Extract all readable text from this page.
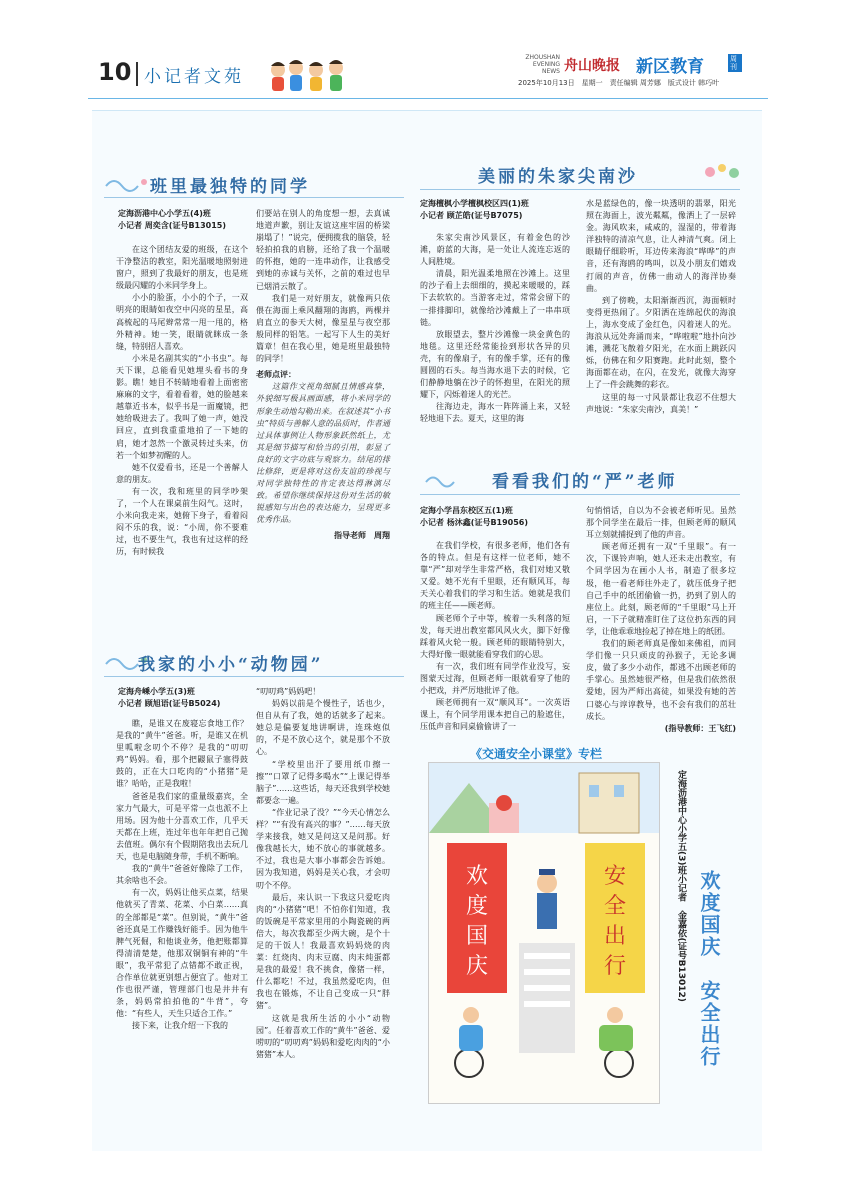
10 小记者文苑
ZHOUSHAN EVENING NEWS 舟山晚报 新区教育	周刊
2025年10月13日　星期一　责任编辑 周芳娜　版式设计 韩巧叶
班里最独特的同学
定海沥港中心小学五(4)班
小记者 周奕含(证号B13015)

在这个团结友爱的班级，在这个干净整洁的教室，阳光温暖地照射进窗户，照到了我最好的朋友，也是班级最闪耀的小米同学身上。

小小的脸蛋，小小的个子，一双明亮的眼睛如夜空中闪亮的星星，高高梳起的马尾辫常常一甩一甩的，格外精神。她一笑，眼睛就眯成一条缝，特别招人喜欢。

小米是名副其实的“小书虫”。每天下课，总能看见她埋头看书的身影。瞧！她目不转睛地看着上面密密麻麻的文字，看着看着，她的脸越来越靠近书本，似乎书是一面魔镜，把她给吸进去了。我叫了她一声，她没回应，直到我重重地拍了一下她的肩，她才忽然一个激灵转过头来，仿若一个如梦初醒的人。

她不仅爱看书，还是一个善解人意的朋友。

有一次，我和班里的同学吵架了，一个人在课桌前生闷气。这时，小米向我走来，她俯下身子，看着闷闷不乐的我，说：“小周，你不要难过，也不要生气，我也有过这样的经历，有时候我

们要站在别人的角度想一想，去真诚地道声歉，别让友谊这座牢固的桥梁崩塌了！”说完，便拥揽我的脑袋，轻轻拍拍我的肩膀，还给了我一个温暖的怀抱，她的一连串动作，让我感受到她的赤诚与关怀，之前的难过也早已烟消云散了。

我们是一对好朋友，就像两只依偎在海面上乘风翻翔的海鸥，两棵并肩直立的参天大树，像星星与夜空那般同样的铝笔。一起写下人生的美好篇章！但在我心里，她是班里最独特的同学！

老师点评：

这篇作文视角细腻且情感真挚，外貌细写极具画面感，将小米同学的形象生动地勾勒出来。在叙述其“小书虫”特质与善解人意的品质时，作者通过具体事例让人物形象跃然纸上，尤其是细节描写和恰当的引用，彰显了良好的文字功底与观察力。结尾的排比修辞，更是将对这份友谊的珍视与对同学独特性的肯定表达得淋漓尽致。希望你继续保持这份对生活的敏锐感知与出色的表达能力，呈现更多优秀作品。

指导老师　周翔
美丽的朱家尖南沙
定海檀枫小学檀枫校区四(1)班
小记者 顾芷皓(证号B7075)

朱家尖南沙风景区，有着金色的沙滩，蔚蓝的大海，是一处让人流连忘返的人间胜境。

清晨，阳光温柔地照在沙滩上。这里的沙子看上去细细的，摸起来暖暖的，踩下去软软的。当游客走过，常常会留下的一排排脚印，就像给沙滩戴上了一串串项链。

放眼望去，整片沙滩像一块金黄色的地毯。这里还经常能捡到形状各异的贝壳，有的像扇子，有的像手掌，还有的像圆圆的石头。每当海水退下去的时候，它们静静地躺在沙子的怀抱里，在阳光的照耀下，闪烁着迷人的光芒。

往海边走，海水一阵阵涌上来，又轻轻地退下去。夏天，这里的海

水是蓝绿色的，像一块透明的翡翠，阳光照在海面上，波光粼粼，像洒上了一层碎金。海风吹来，咸咸的，湿湿的，带着海洋独特的清凉气息，让人神清气爽。闭上眼睛仔细聆听，耳边传来海浪“哗哗”的声音，还有海鸥的鸣叫，以及小朋友们嬉戏打闹的声音，仿佛一曲动人的海洋协奏曲。

到了傍晚，太阳渐渐西沉，海面顿时变得更热闹了。夕阳洒在连绵起伏的海浪上，海水变成了金红色，闪着迷人的光。海浪从远处奔涌而来，“哗啦啦”地扑向沙滩，溅花飞散着夕阳光，在水面上跳跃闪烁，仿佛在和夕阳赛跑。此时此刻，整个海面都在动，在闪，在发光，就像大海穿上了一件会跳舞的彩衣。

这里的每一寸风景都让我忍不住想大声地说：“朱家尖南沙，真美！”

看看我们的“严”老师
定海小学昌东校区五(1)班
小记者 杨沐鑫(证号B19056)

在我们学校，有很多老师，他们各有各的特点。但是有这样一位老师，她不靠“严”却对学生非常严格，我们对她又敬又爱。她不光有千里眼，还有顺风耳，每天关心着我们的学习和生活。她就是我们的班主任——顾老师。

顾老师个子中等，梳着一头利落的短发，每天进出教室都风风火火，脚下好像踩着风火轮一般。顾老师的眼睛特别大，大得好像一眼就能看穿我们的心思。

有一次，我们班有同学作业没写，妄图蒙天过海，但顾老师一眼就看穿了他的小把戏，并严厉地批评了他。

顾老师拥有一双“顺风耳”。一次英语课上，有个同学用课本把自己的脸遮住，压低声音和同桌偷偷讲了一

句悄悄话，自以为不会被老师听见。虽然那个同学坐在最后一排，但顾老师的顺风耳立刻就捕捉到了他的声音。

顾老师还拥有一双“千里眼”。有一次，下课铃声响，她人还未走出教室，有个同学因为在画小人书，制造了很多垃圾，他一看老师往外走了，就压低身子把自己手中的纸团偷偷一扔，扔到了别人的座位上。此刻，顾老师的“千里眼”马上开启，一下子就精准盯住了这位扔东西的同学，让他乖乖地捡起了掉在地上的纸团。

我们的顾老师真是像如来佛祖，而同学们像一只只顽皮的孙猴子，无论多调皮，做了多少小动作，都逃不出顾老师的手掌心。虽然她很严格，但是我们依然很爱她，因为严师出高徒，如果没有她的苦口婆心与谆谆教导，也不会有我们的茁壮成长。

(指导教师：王飞红)
我家的小小“动物园”
定海舟嵊小学五(3)班
小记者 顾旭语(证号B5024)

瞧，是谁又在废寝忘食地工作？是我的“黄牛”爸爸。听，是谁又在机里呱啦念叨个不停？是我的“叨叨鸡”妈妈。看，那个把鼹鼠子塞得鼓鼓的，正在大口吃肉的“小猪猪”是谁？哈哈，正是我啦！

爸爸是我们家的重量级嘉宾，全家力气最大，可是平常一点也派不上用场。因为他十分喜欢工作，几乎天天都在上班，连过年也年年把自己抛去值班。偶尔有个假期陪我出去玩几天，也是电脑随身带，手机不断响。

我的“黄牛”爸爸好像除了工作，其余啥也不会。

有一次，妈妈让他买点菜，结果他就买了青菜、花菜、小白菜……真的全部都是“菜”。但别说，“黄牛”爸爸还真是工作赚钱好能手。因为他牛脾气死倔，和他谈业务，他把账都算得清清楚楚，他那双铜铜有神的“牛眼”，我平常犯了点错都不敢正视，合作单位就更别想占便宜了。他对工作也很严谨，管理部门也是井井有条，妈妈常拍拍他的“牛背”，夸他：“有些人，天生只适合工作。”

接下来，让我介绍一下我的

“叨叨鸡”妈妈吧！

妈妈以前是个慢性子，话也少，但自从有了我，她的话就多了起来。她总是偏要复地讲啊讲，连珠炮似的，不是不放心这个，就是那个不放心。

“学校里出汗了要用纸巾擦一擦”“口罩了记得多喝水”“上课记得举脑子”……这些话，每天还我到学校她都要念一遍。

“作业记录了没？”“今天心情怎么样？”“有没有高兴的事？”……每天放学来接我，她又是问这又是问那。好像我越长大，她不放心的事就越多。不过，我也是大事小事都会告诉她。因为我知道，妈妈是关心我，才会叨叨个不停。

最后，来认识一下我这只爱吃肉肉的“小猪猪”吧！不怕你们知道，我的饭碗是平常家里用的小陶瓷碗的两倍大，每次我都至少两大碗，是个十足的干饭人！我最喜欢妈妈烧的肉菜：红烧肉、肉末豆腐、肉末炖蛋都是我的最爱！我不挑食，像猪一样，什么都吃！不过，我虽然爱吃肉，但我也在锻炼，不让自己变成一只“胖猪”。

这就是我所生活的小小“动物园”。任着喜欢工作的“黄牛”爸爸、爱唠叨的“叨叨鸡”妈妈和爱吃肉肉的“小猪猪”本人。

《交通安全小课堂》专栏
欢
度
国
庆
安
全
出
行	定海沥港中心小学五(3)班小记者　金嘉依(证号B13012) 欢度国庆　安全出行
